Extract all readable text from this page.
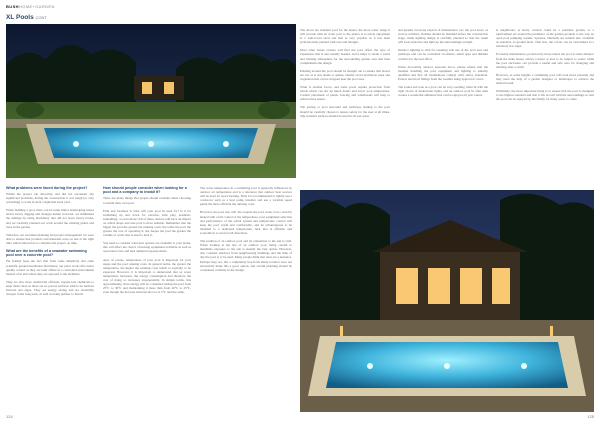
BUSHHOME+GARDEN
XL Pools CONT
What problems were faced during the project?

Whilst the project ran smoothly, and did not encounter any significant problems, during the construction it was tough (or very rewarding) to work in such a tight-knit back yard.

When building a pool, there can be some minor landscaping issues and/or heavy digging and changes inside; however, we minimised the damage by using machinery that did not leave heavy tracks, and we carefully planned our work around the existing plants and trees in the garden.

Therefore our excellent planning and project management we were able to ensure that products and materials were on site at the right time which allowed us to complete the project on time.

What are the benefits of a seawater swimming pool over a concrete pool?

We frankly hope the fact that from some simplicity and other scientific garden installation machinery, our piece work offer better quality control as they are built offsite in a controlled environment instead of in situ where they are exposed to the elements.

They are also more chemically efficient, require less chemicals to keep them clean as there are no porous surfaces which can harbour bacteria and algae. They are energy saving and are invariably cheaper in the long term, as well as being quicker to install.

How should people consider when looking for a pool and a company to install it?

There are many things that people should consider when choosing to install their own pool.

Firm and foremost is what will your pool be used for? Is it for swimming up and down for exercise, kids play, aesthetic, sunbathing, or even more? All of these choices will have an impact on which shape and size pool is most suitable. Remember that the bigger the pool the greater the running costs; the wider the pool the greater the cost of operating it; the deeper the pool the greater the volume of water that is used to heat it.

You need to consider what heat options are available to your home, this will affect the choice of heating equipment available as well as associated costs and heat demand response times.

And, of course, temperature of your pool is important for your usage and the pool running costs. In general terms, the greater the temperature, the higher the running costs which is logically to be expected. However, it is important to understand that as water temperature increases, the energy consumption and therefore the cost of doing so increases exponentially. In simple terms, this approximately, most energy will be consumed raising the pool from 25°C to 30°C and maintaining it there than from 20°C to 25°C, even though the increase between the two is 5°C and the same.

The water temperature in a swimming pool is generally influenced by outdoor air temperature and is a reference that outdoor heat sources will be used for space heating. Thus it is recommended to tightly use a contractor such as a heat pump installer and use a variable speed pump the more efficient the running costs.

However, the pool also will also require the pool water to be correctly heated with a full control of the temperature, pool equipment selection and performance of the actual system and temperature control will keep the pool warm and comfortable, and its advantageous to be installed to a dedicated temperature, heat that is efficient and economical to run in both directions.

The position of an outdoor pool and its orientation to the sun is vital. When looking at the site of an outdoor pool, being careful to maximise exposure to the sun is usually the best option. However, also consider shadows from neighbouring buildings and the time of day the pool is to be used. Many people think that trees are a nuisance. Perhaps they are, but a completely free-from-shade location does not necessarily make this a good option, and careful planning should be considered carefully in the design.

124

The above are standard pool for the heater, the more water usage it will provide with no water pool to the planet. It is solely enjoyment is a well-loved rural site that is very popular as it has been professionally planted with care and thought.

Most other house owners will find the pool offers the type of experience that is also usually needed, and it helps to retain a warm and inviting atmosphere for the surrounding garden area that then complements the design.

Planting around the pool should be thought out to ensure that leaves are not as it sets shade or spikes, ideally avoid deciduous trees and vegetation that can be dropped near the pool area.

Wind is another factor, and some pools require protection from winds which can stir up much debris and lower pool temperature. Careful placement of plants, fencing and windbreaks will help to reduce these issues.

The paving or pool surround and pathways leading to the pool should be carefully chosen to ensure safety for the user at all times. Slip resistant surfaces should be used in all wet areas.

and present everyone expects of maintenance too; the pool areas, as well as architect, finishes should be installed before the construction stage, while lighting design is carefully planned so that the result will look attractive and light up the surroundings at night.

Outdoor lighting is vital for ensuring safe use of the pool area and pathways and can be controlled via timers, smart apps and dimmer controls for the best effect.

When decorating outdoor seasonal decor, please ensure that the installer handling the pool equipment and lighting is suitably qualified and that all installations comply with safety standards. Protect electrical fittings from the weather using approved covers.

The sound and tone in a pool can be very soothing when lit with the right choice of underwater lights, and an outdoor pool lit after dark creates a wonderful ambience that can be enjoyed all year round.

is neighbours. A heavy version could be a seamless garden, or a replacement set around the perimeter of the garden grounds to the way an open pool pumping sounds. Spadoes, bluebells are seldom also available as standard, as ground level. That size, the colour can be customised in a relatively few steps.

Economy maintenance, protected by those where the pool is some distance from the main house, allows a lesser or area to be subject to water, while the pool enclosure can provide a useful and safe area for changing and relaxing after a swim.

However, at some heights a swimming pool will look more pleasing and may need the help of a garden designer or landscaper to achieve the desired result.

Ultimately, the most important thing is to ensure that the pool is designed to the highest standard and that it fits in well with the surroundings so that the pool can be enjoyed by the family for many years to come.

125
